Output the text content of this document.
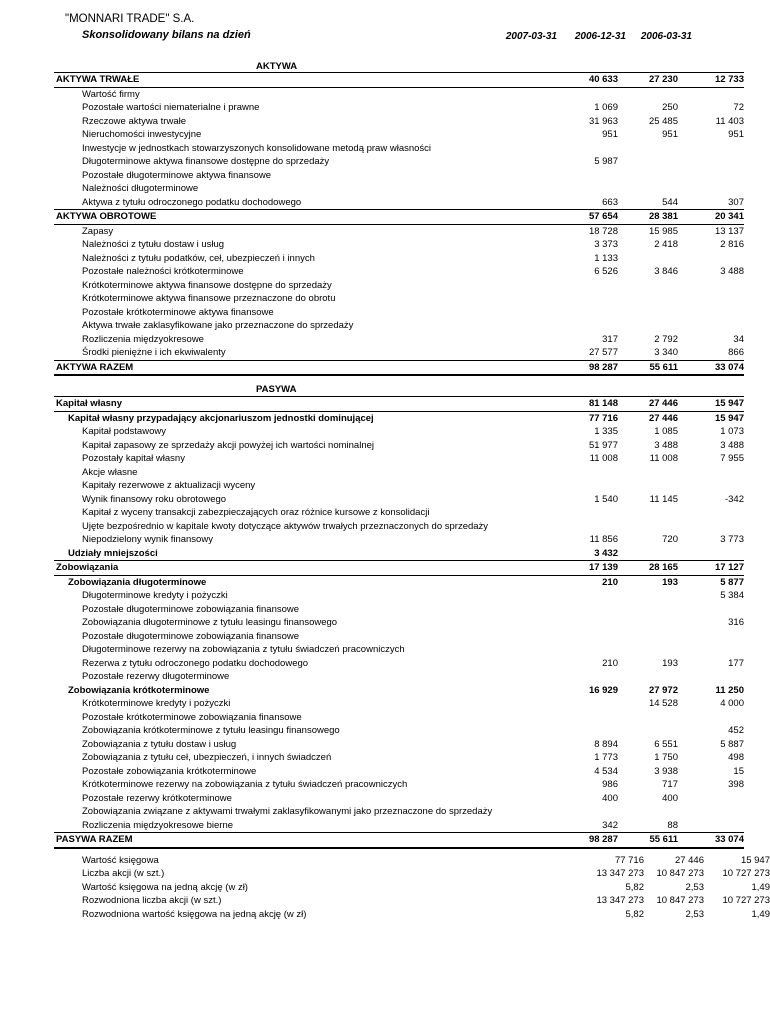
"MONNARI TRADE" S.A.
Skonsolidowany bilans na dzień	2007-03-31	2006-12-31	2006-03-31
AKTYWA
AKTYWA TRWAŁE		40 633		27 230		12 733
Wartość firmy						
Pozostałe wartości niematerialne i prawne		1 069		250		72
Rzeczowe aktywa trwałe		31 963		25 485		11 403
Nieruchomości inwestycyjne		951		951		951
Inwestycje w jednostkach stowarzyszonych konsolidowane metodą praw własności						
Długoterminowe aktywa finansowe dostępne do sprzedaży		5 987				
Pozostałe długoterminowe aktywa finansowe						
Należności długoterminowe						
Aktywa z tytułu odroczonego podatku dochodowego		663		544		307
AKTYWA OBROTOWE		57 654		28 381		20 341
Zapasy		18 728		15 985		13 137
Należności z tytułu dostaw i usług		3 373		2 418		2 816
Należności z tytułu podatków, ceł, ubezpieczeń i innych		1 133				
Pozostałe należności krótkoterminowe		6 526		3 846		3 488
Krótkoterminowe aktywa finansowe dostępne do sprzedaży						
Krótkoterminowe aktywa finansowe przeznaczone do obrotu						
Pozostałe krótkoterminowe aktywa finansowe						
Aktywa trwałe zaklasyfikowane jako przeznaczone do sprzedaży						
Rozliczenia międzyokresowe		317		2 792		34
Środki pieniężne i ich ekwiwalenty		27 577		3 340		866
AKTYWA RAZEM		98 287		55 611		33 074
PASYWA
Kapitał własny		81 148		27 446		15 947
Kapitał własny przypadający akcjonariuszom jednostki dominującej		77 716		27 446		15 947
Kapitał podstawowy		1 335		1 085		1 073
Kapitał zapasowy ze sprzedaży akcji powyżej ich wartości nominalnej		51 977		3 488		3 488
Pozostały kapitał własny		11 008		11 008		7 955
Akcje własne						
Kapitały rezerwowe z aktualizacji wyceny						
Wynik finansowy roku obrotowego		1 540		11 145		-342
Kapitał z wyceny transakcji zabezpieczających oraz różnice kursowe z konsolidacji						
Ujęte bezpośrednio w kapitale kwoty dotyczące aktywów trwałych przeznaczonych do sprzedaży						
Niepodzielony wynik finansowy		11 856		720		3 773
Udziały mniejszości		3 432				
Zobowiązania		17 139		28 165		17 127
Zobowiązania długoterminowe		210		193		5 877
Długoterminowe kredyty i pożyczki						5 384
Pozostałe długoterminowe zobowiązania finansowe						
Zobowiązania długoterminowe z tytułu leasingu finansowego						316
Pozostałe długoterminowe zobowiązania finansowe						
Długoterminowe rezerwy na zobowiązania z tytułu świadczeń pracowniczych						
Rezerwa z tytułu odroczonego podatku dochodowego		210		193		177
Pozostałe rezerwy długoterminowe						
Zobowiązania krótkoterminowe		16 929		27 972		11 250
Krótkoterminowe kredyty i pożyczki				14 528		4 000
Pozostałe krótkoterminowe zobowiązania finansowe						
Zobowiązania krótkoterminowe z tytułu leasingu finansowego						452
Zobowiązania z tytułu dostaw i usług		8 894		6 551		5 887
Zobowiązania z tytułu ceł, ubezpieczeń, i innych świadczeń		1 773		1 750		498
Pozostałe zobowiązania krótkoterminowe		4 534		3 938		15
Krótkoterminowe rezerwy na zobowiązania z tytułu świadczeń pracowniczych		986		717		398
Pozostałe rezerwy krótkoterminowe		400		400		
Zobowiązania związane z aktywami trwałymi zaklasyfikowanymi jako przeznaczone do sprzedaży						
Rozliczenia międzyokresowe bierne		342		88		
PASYWA RAZEM		98 287		55 611		33 074
Wartość księgowa		77 716		27 446		15 947
Liczba akcji (w szt.)		13 347 273		10 847 273		10 727 273
Wartość księgowa na jedną akcję (w zł)		5,82		2,53		1,49
Rozwodniona liczba akcji (w szt.)		13 347 273		10 847 273		10 727 273
Rozwodniona wartość księgowa na jedną akcję (w zł)		5,82		2,53		1,49
